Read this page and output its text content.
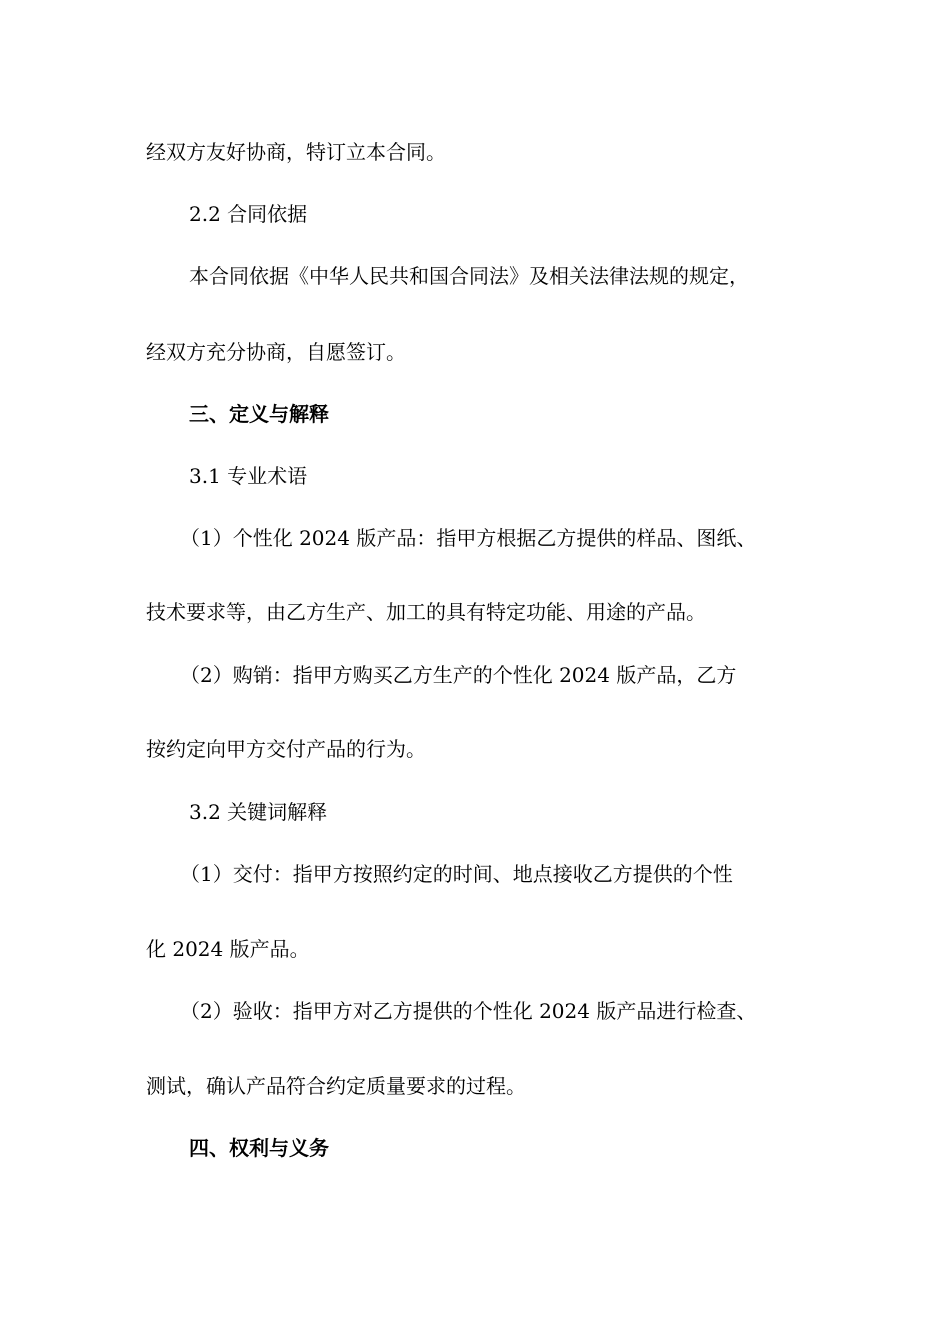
经双方友好协商，特订立本合同。

2.2 合同依据

本合同依据《中华人民共和国合同法》及相关法律法规的规定，

经双方充分协商，自愿签订。

三、定义与解释

3.1 专业术语

（1）个性化 2024 版产品：指甲方根据乙方提供的样品、图纸、

技术要求等，由乙方生产、加工的具有特定功能、用途的产品。

（2）购销：指甲方购买乙方生产的个性化 2024 版产品，乙方

按约定向甲方交付产品的行为。

3.2 关键词解释

（1）交付：指甲方按照约定的时间、地点接收乙方提供的个性

化 2024 版产品。

（2）验收：指甲方对乙方提供的个性化 2024 版产品进行检查、

测试，确认产品符合约定质量要求的过程。

四、权利与义务
